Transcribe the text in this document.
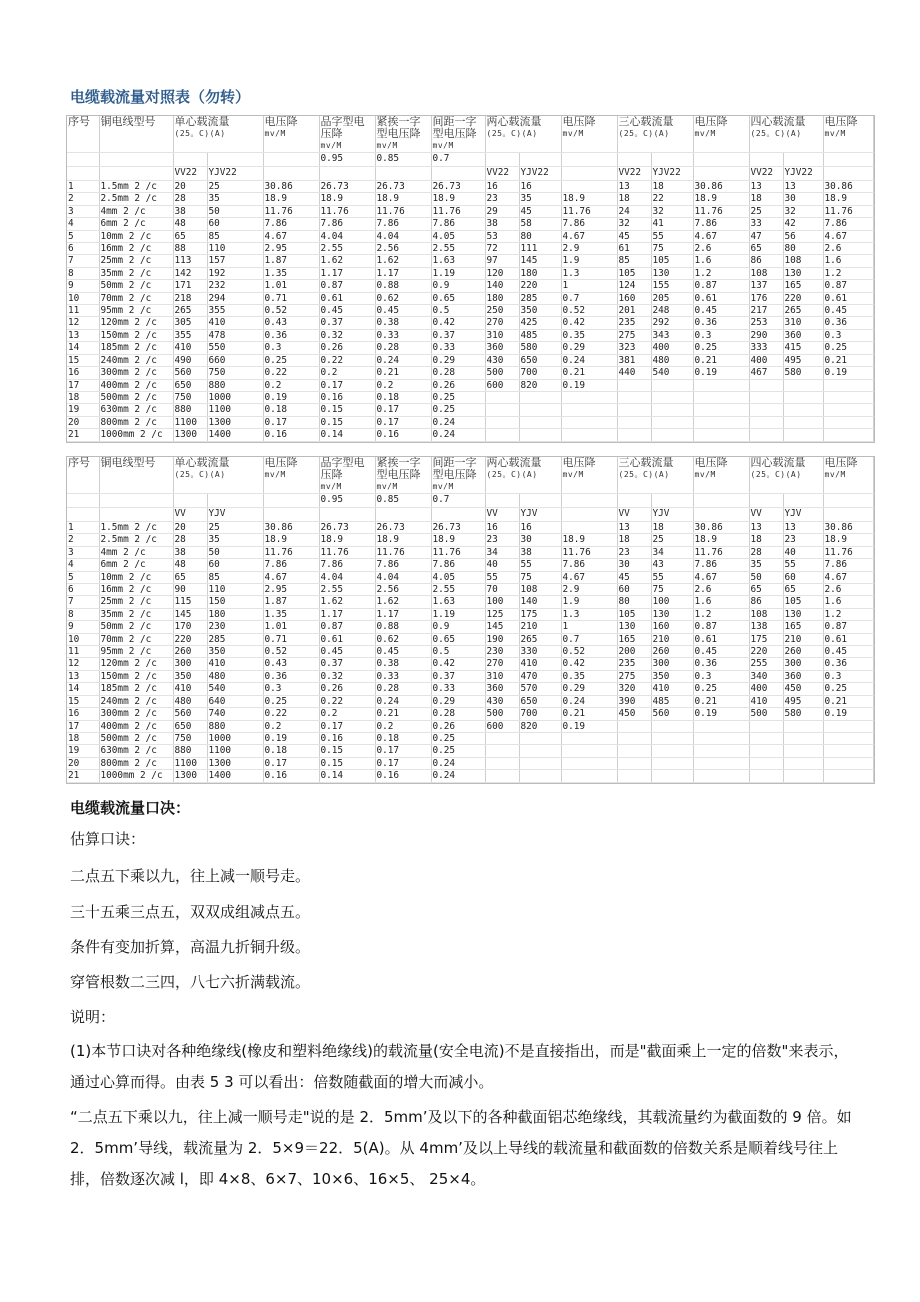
电缆载流量对照表（勿转）
序号	铜电线型号	单心载流量
(25。C)(A)		电压降
mv/M	品字型电压降
mv/M	紧挨一字型电压降
mv/M	间距一字型电压降
mv/M	两心载流量
(25。C)(A)		电压降
mv/M	三心载流量
(25。C)(A)		电压降
mv/M	四心载流量
(25。C)(A)		电压降
mv/M

					0.95	0.85	0.7									
		VV22	YJV22					VV22	YJV22		VV22	YJV22		VV22	YJV22	
1	1.5mm 2 /c	20	25	30.86	26.73	26.73	26.73	16	16		13	18	30.86	13	13	30.86
2	2.5mm 2 /c	28	35	18.9	18.9	18.9	18.9	23	35	18.9	18	22	18.9	18	30	18.9
3	4mm 2 /c	38	50	11.76	11.76	11.76	11.76	29	45	11.76	24	32	11.76	25	32	11.76
4	6mm 2 /c	48	60	7.86	7.86	7.86	7.86	38	58	7.86	32	41	7.86	33	42	7.86
5	10mm 2 /c	65	85	4.67	4.04	4.04	4.05	53	80	4.67	45	55	4.67	47	56	4.67
6	16mm 2 /c	88	110	2.95	2.55	2.56	2.55	72	111	2.9	61	75	2.6	65	80	2.6
7	25mm 2 /c	113	157	1.87	1.62	1.62	1.63	97	145	1.9	85	105	1.6	86	108	1.6
8	35mm 2 /c	142	192	1.35	1.17	1.17	1.19	120	180	1.3	105	130	1.2	108	130	1.2
9	50mm 2 /c	171	232	1.01	0.87	0.88	0.9	140	220	1	124	155	0.87	137	165	0.87
10	70mm 2 /c	218	294	0.71	0.61	0.62	0.65	180	285	0.7	160	205	0.61	176	220	0.61
11	95mm 2 /c	265	355	0.52	0.45	0.45	0.5	250	350	0.52	201	248	0.45	217	265	0.45
12	120mm 2 /c	305	410	0.43	0.37	0.38	0.42	270	425	0.42	235	292	0.36	253	310	0.36
13	150mm 2 /c	355	478	0.36	0.32	0.33	0.37	310	485	0.35	275	343	0.3	290	360	0.3
14	185mm 2 /c	410	550	0.3	0.26	0.28	0.33	360	580	0.29	323	400	0.25	333	415	0.25
15	240mm 2 /c	490	660	0.25	0.22	0.24	0.29	430	650	0.24	381	480	0.21	400	495	0.21
16	300mm 2 /c	560	750	0.22	0.2	0.21	0.28	500	700	0.21	440	540	0.19	467	580	0.19
17	400mm 2 /c	650	880	0.2	0.17	0.2	0.26	600	820	0.19						
18	500mm 2 /c	750	1000	0.19	0.16	0.18	0.25									
19	630mm 2 /c	880	1100	0.18	0.15	0.17	0.25									
20	800mm 2 /c	1100	1300	0.17	0.15	0.17	0.24									
21	1000mm 2 /c	1300	1400	0.16	0.14	0.16	0.24									
序号	铜电线型号	单心载流量
(25。C)(A)		电压降
mv/M	品字型电压降
mv/M	紧挨一字型电压降
mv/M	间距一字型电压降
mv/M	两心载流量
(25。C)(A)		电压降
mv/M	三心载流量
(25。C)(A)		电压降
mv/M	四心载流量
(25。C)(A)		电压降
mv/M

					0.95	0.85	0.7									
		VV	YJV					VV	YJV		VV	YJV		VV	YJV	
1	1.5mm 2 /c	20	25	30.86	26.73	26.73	26.73	16	16		13	18	30.86	13	13	30.86
2	2.5mm 2 /c	28	35	18.9	18.9	18.9	18.9	23	30	18.9	18	25	18.9	18	23	18.9
3	4mm 2 /c	38	50	11.76	11.76	11.76	11.76	34	38	11.76	23	34	11.76	28	40	11.76
4	6mm 2 /c	48	60	7.86	7.86	7.86	7.86	40	55	7.86	30	43	7.86	35	55	7.86
5	10mm 2 /c	65	85	4.67	4.04	4.04	4.05	55	75	4.67	45	55	4.67	50	60	4.67
6	16mm 2 /c	90	110	2.95	2.55	2.56	2.55	70	108	2.9	60	75	2.6	65	65	2.6
7	25mm 2 /c	115	150	1.87	1.62	1.62	1.63	100	140	1.9	80	100	1.6	86	105	1.6
8	35mm 2 /c	145	180	1.35	1.17	1.17	1.19	125	175	1.3	105	130	1.2	108	130	1.2
9	50mm 2 /c	170	230	1.01	0.87	0.88	0.9	145	210	1	130	160	0.87	138	165	0.87
10	70mm 2 /c	220	285	0.71	0.61	0.62	0.65	190	265	0.7	165	210	0.61	175	210	0.61
11	95mm 2 /c	260	350	0.52	0.45	0.45	0.5	230	330	0.52	200	260	0.45	220	260	0.45
12	120mm 2 /c	300	410	0.43	0.37	0.38	0.42	270	410	0.42	235	300	0.36	255	300	0.36
13	150mm 2 /c	350	480	0.36	0.32	0.33	0.37	310	470	0.35	275	350	0.3	340	360	0.3
14	185mm 2 /c	410	540	0.3	0.26	0.28	0.33	360	570	0.29	320	410	0.25	400	450	0.25
15	240mm 2 /c	480	640	0.25	0.22	0.24	0.29	430	650	0.24	390	485	0.21	410	495	0.21
16	300mm 2 /c	560	740	0.22	0.2	0.21	0.28	500	700	0.21	450	560	0.19	500	580	0.19
17	400mm 2 /c	650	880	0.2	0.17	0.2	0.26	600	820	0.19						
18	500mm 2 /c	750	1000	0.19	0.16	0.18	0.25									
19	630mm 2 /c	880	1100	0.18	0.15	0.17	0.25									
20	800mm 2 /c	1100	1300	0.17	0.15	0.17	0.24									
21	1000mm 2 /c	1300	1400	0.16	0.14	0.16	0.24									
电缆载流量口决：
估算口诀：
二点五下乘以九，往上减一顺号走。
三十五乘三点五，双双成组减点五。
条件有变加折算，高温九折铜升级。
穿管根数二三四，八七六折满载流。
说明：
(1)本节口诀对各种绝缘线(橡皮和塑料绝缘线)的载流量(安全电流)不是直接指出，而是"截面乘上一定的倍数"来表示，通过心算而得。由表 5 3 可以看出：倍数随截面的增大而减小。
“二点五下乘以九，往上减一顺号走"说的是 2．5mm’及以下的各种截面铝芯绝缘线，其载流量约为截面数的 9 倍。如 2．5mm’导线，载流量为 2．5×9＝22．5(A)。从 4mm’及以上导线的载流量和截面数的倍数关系是顺着线号往上排，倍数逐次减 l，即 4×8、6×7、10×6、16×5、 25×4。
